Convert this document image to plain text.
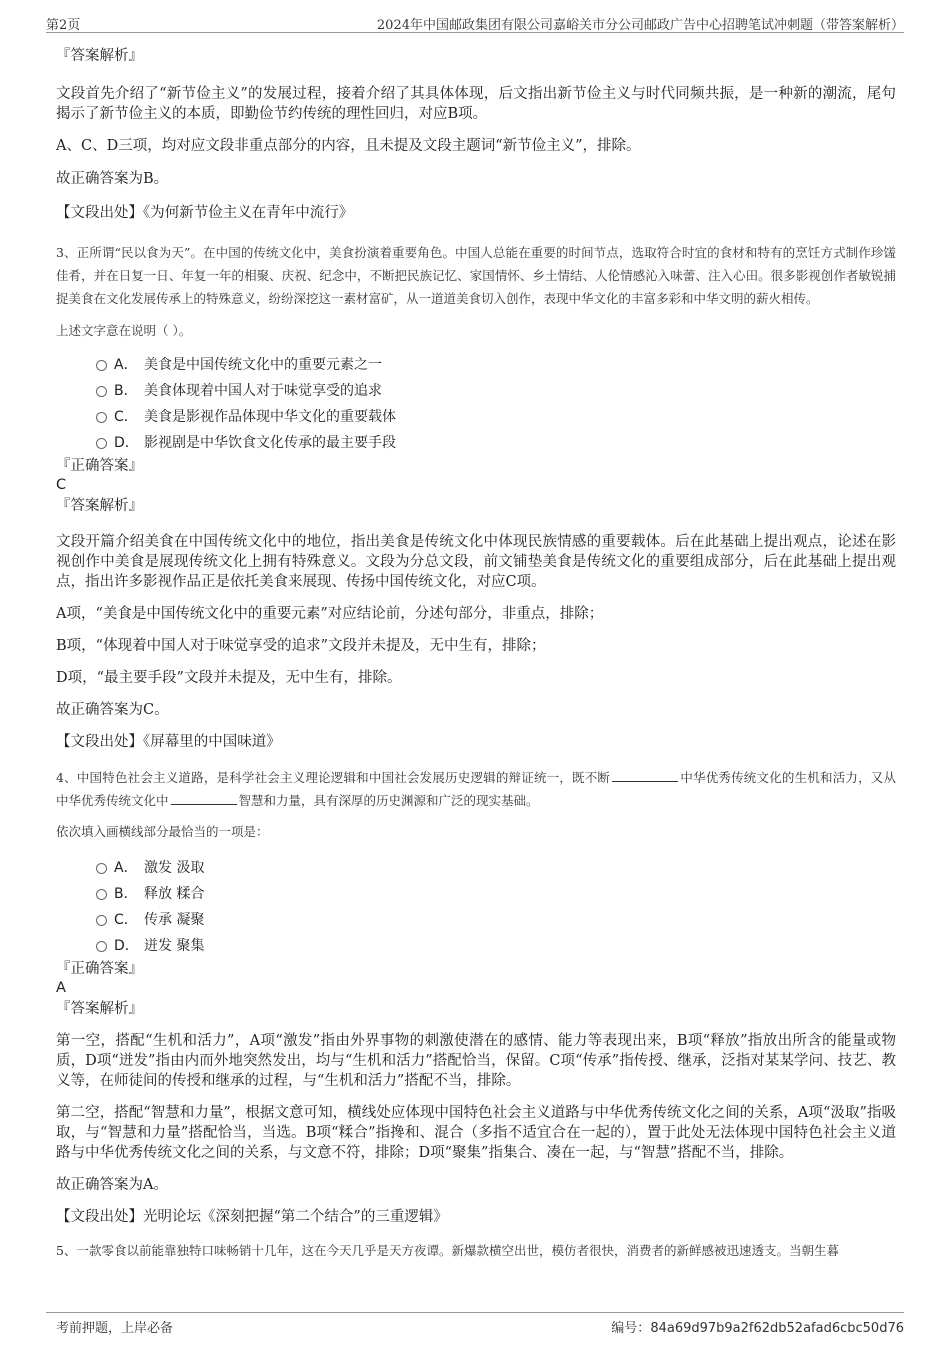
第2页	2024年中国邮政集团有限公司嘉峪关市分公司邮政广告中心招聘笔试冲刺题（带答案解析）

『答案解析』

文段首先介绍了“新节俭主义”的发展过程，接着介绍了其具体体现，后文指出新节俭主义与时代同频共振，是一种新的潮流，尾句揭示了新节俭主义的本质，即勤俭节约传统的理性回归，对应B项。

A、C、D三项，均对应文段非重点部分的内容，且未提及文段主题词“新节俭主义”，排除。

故正确答案为B。

【文段出处】《为何新节俭主义在青年中流行》

3、正所谓“民以食为天”。在中国的传统文化中，美食扮演着重要角色。中国人总能在重要的时间节点，选取符合时宜的食材和特有的烹饪方式制作珍馐佳肴，并在日复一日、年复一年的相聚、庆祝、纪念中，不断把民族记忆、家国情怀、乡土情结、人伦情感沁入味蕾、注入心田。很多影视创作者敏锐捕捉美食在文化发展传承上的特殊意义，纷纷深挖这一素材富矿，从一道道美食切入创作，表现中华文化的丰富多彩和中华文明的薪火相传。

上述文字意在说明（ ）。

A． 美食是中国传统文化中的重要元素之一
B． 美食体现着中国人对于味觉享受的追求
C． 美食是影视作品体现中华文化的重要载体
D． 影视剧是中华饮食文化传承的最主要手段

『正确答案』

C

『答案解析』

文段开篇介绍美食在中国传统文化中的地位，指出美食是传统文化中体现民族情感的重要载体。后在此基础上提出观点，论述在影视创作中美食是展现传统文化上拥有特殊意义。文段为分总文段，前文铺垫美食是传统文化的重要组成部分，后在此基础上提出观点，指出许多影视作品正是依托美食来展现、传扬中国传统文化，对应C项。

A项，“美食是中国传统文化中的重要元素”对应结论前，分述句部分，非重点，排除；

B项，“体现着中国人对于味觉享受的追求”文段并未提及，无中生有，排除；

D项，“最主要手段”文段并未提及，无中生有，排除。

故正确答案为C。

【文段出处】《屏幕里的中国味道》

4、中国特色社会主义道路，是科学社会主义理论逻辑和中国社会发展历史逻辑的辩证统一，既不断	中华优秀传统文化的生机和活力，又从中华优秀传统文化中	智慧和力量，具有深厚的历史渊源和广泛的现实基础。

依次填入画横线部分最恰当的一项是：

A． 激发 汲取
B． 释放 糅合
C． 传承 凝聚
D． 迸发 聚集

『正确答案』

A

『答案解析』

第一空，搭配“生机和活力”，A项“激发”指由外界事物的刺激使潜在的感情、能力等表现出来，B项“释放”指放出所含的能量或物质，D项“迸发”指由内而外地突然发出，均与“生机和活力”搭配恰当，保留。C项“传承”指传授、继承，泛指对某某学问、技艺、教义等，在师徒间的传授和继承的过程，与“生机和活力”搭配不当，排除。

第二空，搭配“智慧和力量”，根据文意可知，横线处应体现中国特色社会主义道路与中华优秀传统文化之间的关系，A项“汲取”指吸取，与“智慧和力量”搭配恰当，当选。B项“糅合”指搀和、混合（多指不适宜合在一起的），置于此处无法体现中国特色社会主义道路与中华优秀传统文化之间的关系，与文意不符，排除；D项“聚集”指集合、凑在一起，与“智慧”搭配不当，排除。

故正确答案为A。

【文段出处】光明论坛《深刻把握“第二个结合”的三重逻辑》

5、一款零食以前能靠独特口味畅销十几年，这在今天几乎是天方夜谭。新爆款横空出世，模仿者很快，消费者的新鲜感被迅速透支。当朝生暮

考前押题，上岸必备	编号：84a69d97b9a2f62db52afad6cbc50d76
